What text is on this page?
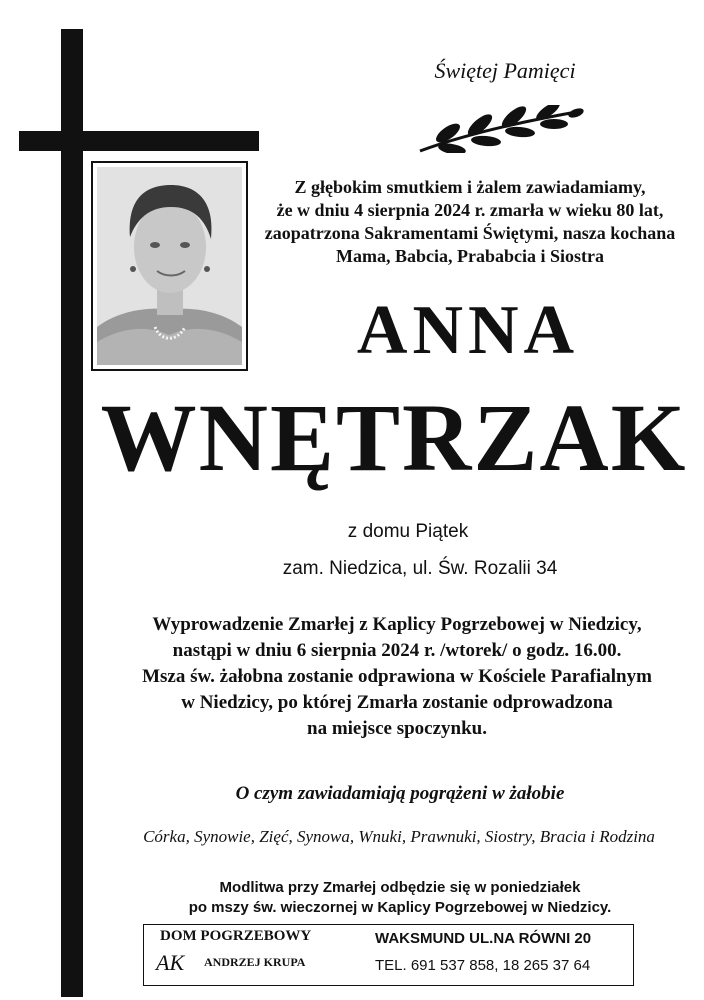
Świętej Pamięci
Z głębokim smutkiem i żalem zawiadamiamy,
że w dniu 4 sierpnia 2024 r. zmarła w wieku 80 lat,
zaopatrzona Sakramentami Świętymi, nasza kochana
Mama, Babcia, Prababcia i Siostra
ANNA
WNĘTRZAK
z domu Piątek
zam. Niedzica, ul. Św. Rozalii 34
Wyprowadzenie Zmarłej z Kaplicy Pogrzebowej w Niedzicy,
nastąpi w dniu 6 sierpnia 2024 r. /wtorek/ o godz. 16.00.
Msza św. żałobna zostanie odprawiona w Kościele Parafialnym
w Niedzicy, po której Zmarła zostanie odprowadzona
na miejsce spoczynku.
O czym zawiadamiają pogrążeni w żałobie
Córka, Synowie, Zięć, Synowa, Wnuki, Prawnuki, Siostry, Bracia i Rodzina
Modlitwa przy Zmarłej odbędzie się w poniedziałek
po mszy św. wieczornej w Kaplicy Pogrzebowej w Niedzicy.
DOM POGRZEBOWY
AK ANDRZEJ KRUPA
WAKSMUND UL.NA RÓWNI 20
TEL. 691 537 858, 18 265 37 64
